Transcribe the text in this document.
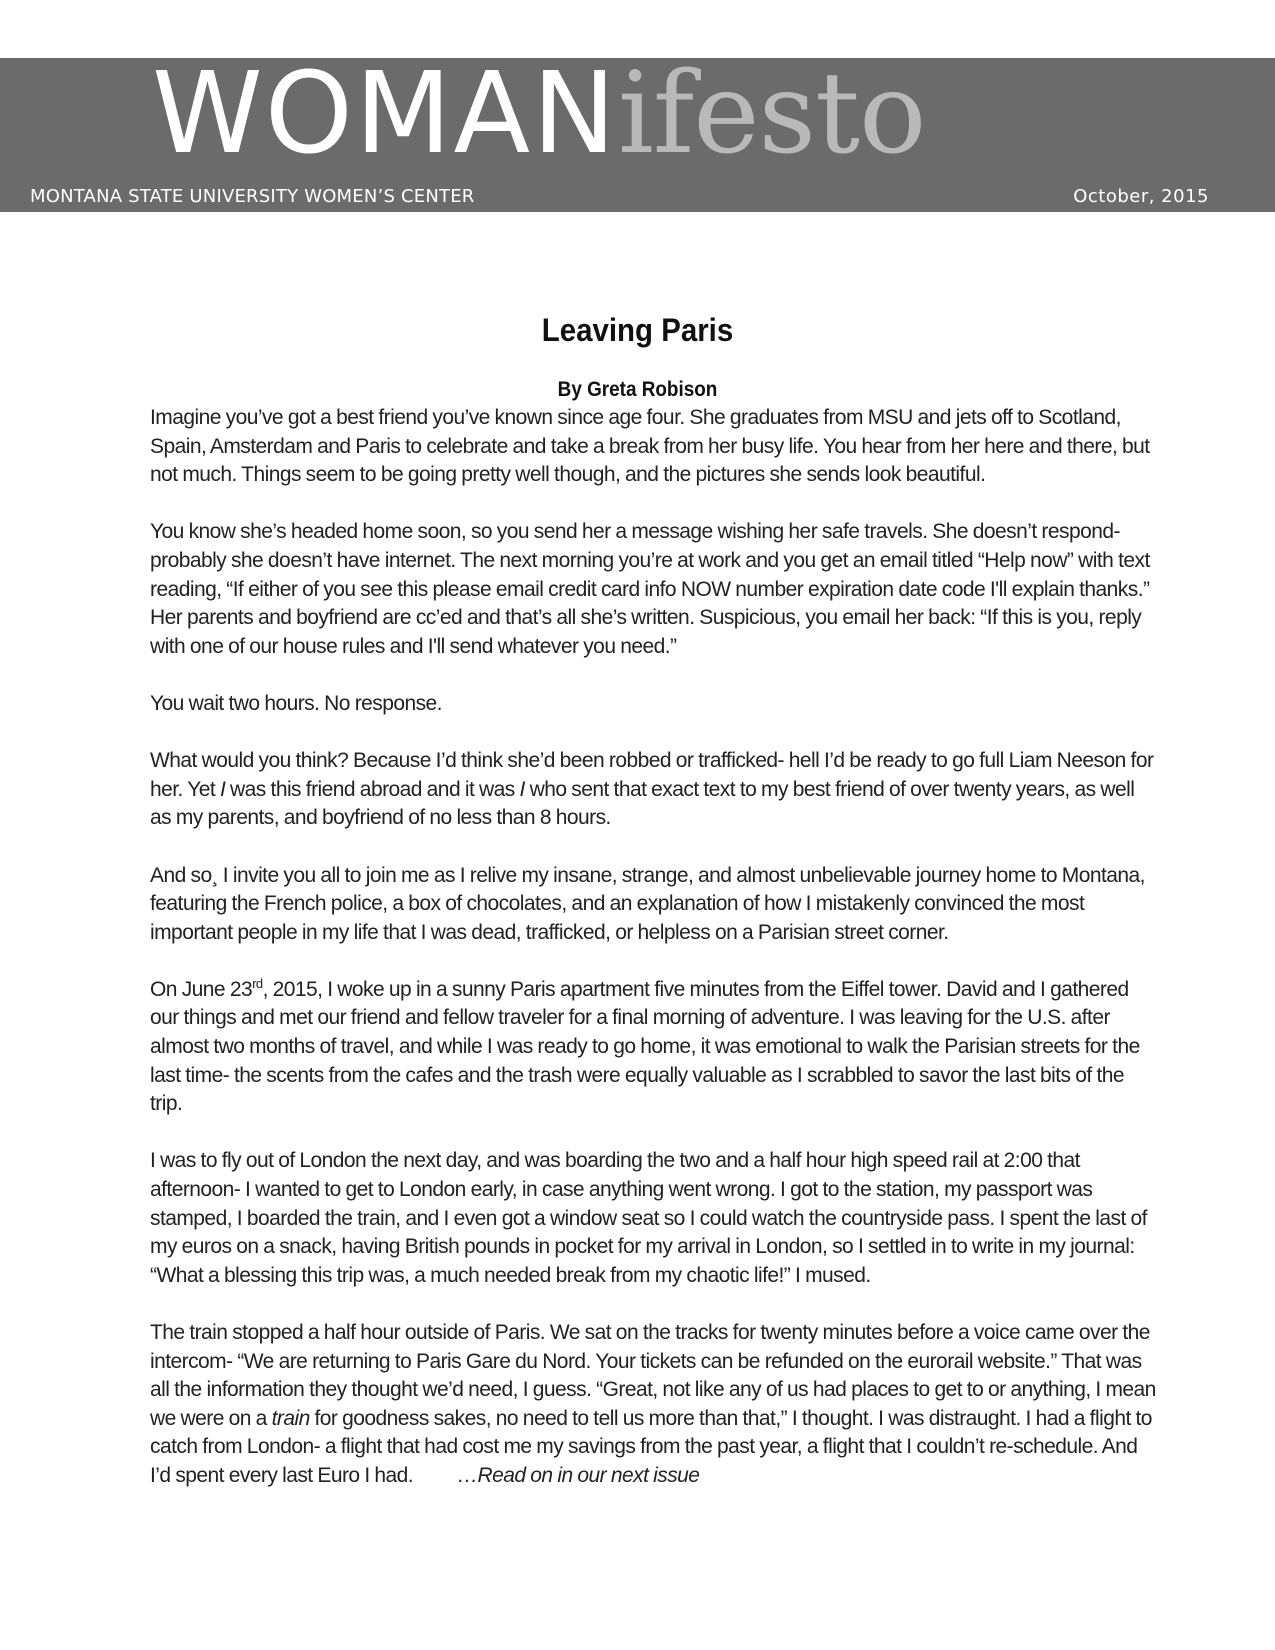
WOMANifesto
MONTANA STATE UNIVERSITY WOMEN’S CENTER	October, 2015
Leaving Paris
By Greta Robison

Imagine you’ve got a best friend you’ve known since age four. She graduates from MSU and jets off to Scotland, Spain, Amsterdam and Paris to celebrate and take a break from her busy life. You hear from her here and there, but not much. Things seem to be going pretty well though, and the pictures she sends look beautiful.

You know she’s headed home soon, so you send her a message wishing her safe travels. She doesn’t respond- probably she doesn’t have internet. The next morning you’re at work and you get an email titled “Help now” with text reading, “If either of you see this please email credit card info NOW number expiration date code I'll explain thanks.” Her parents and boyfriend are cc’ed and that’s all she’s written. Suspicious, you email her back: “If this is you, reply with one of our house rules and I'll send whatever you need.”

You wait two hours. No response.

What would you think? Because I’d think she’d been robbed or trafficked- hell I’d be ready to go full Liam Neeson for her. Yet I was this friend abroad and it was I who sent that exact text to my best friend of over twenty years, as well as my parents, and boyfriend of no less than 8 hours.

And so¸ I invite you all to join me as I relive my insane, strange, and almost unbelievable journey home to Montana, featuring the French police, a box of chocolates, and an explanation of how I mistakenly convinced the most important people in my life that I was dead, trafficked, or helpless on a Parisian street corner.

On June 23rd, 2015, I woke up in a sunny Paris apartment five minutes from the Eiffel tower. David and I gathered our things and met our friend and fellow traveler for a final morning of adventure. I was leaving for the U.S. after almost two months of travel, and while I was ready to go home, it was emotional to walk the Parisian streets for the last time- the scents from the cafes and the trash were equally valuable as I scrabbled to savor the last bits of the trip.

I was to fly out of London the next day, and was boarding the two and a half hour high speed rail at 2:00 that afternoon- I wanted to get to London early, in case anything went wrong. I got to the station, my passport was stamped, I boarded the train, and I even got a window seat so I could watch the countryside pass. I spent the last of my euros on a snack, having British pounds in pocket for my arrival in London, so I settled in to write in my journal: “What a blessing this trip was, a much needed break from my chaotic life!” I mused.

The train stopped a half hour outside of Paris. We sat on the tracks for twenty minutes before a voice came over the intercom- “We are returning to Paris Gare du Nord. Your tickets can be refunded on the eurorail website.” That was all the information they thought we’d need, I guess. “Great, not like any of us had places to get to or anything, I mean we were on a train for goodness sakes, no need to tell us more than that,” I thought. I was distraught. I had a flight to catch from London- a flight that had cost me my savings from the past year, a flight that I couldn’t re-schedule. And I’d spent every last Euro I had. …Read on in our next issue
